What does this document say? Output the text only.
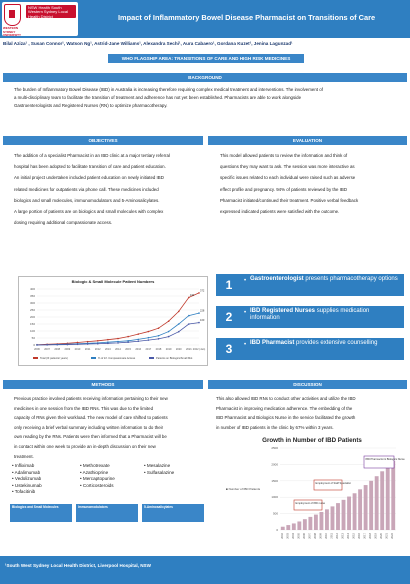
WESTERN SYDNEY UNIVERSITY
NSW Health South Western Sydney Local Health District	Impact of Inflammatory Bowel Disease Pharmacist on Transitions of Care
Bilal Aziza¹ , Susan Connor¹, Watson Ng¹, Astrid-Jane Williams¹, Alexandra Sechi¹, Aura Cabaero¹, Gordana Kuzet¹, Jenina Lagunzad¹
WHO FLAGSHIP AREA: TRANSITIONS OF CARE AND HIGH RISK MEDICINES
BACKGROUND
The burden of Inflammatory Bowel Disease (IBD) in Australia is increasing therefore requiring complex medical treatment and interventions. The involvement of
a multi-disciplinary team to facilitate the transition of treatment and adherence has not yet been established. Pharmacists are able to work alongside
Gastroenterologists and Registered Nurses (RN) to optimize pharmacotherapy.
OBJECTIVES	EVALUATION
The addition of a specialist Pharmacist in an IBD clinic at a major tertiary referral
hospital has been adopted to facilitate transition of care and patient education.
An initial project undertaken included patient education on newly initiated IBD
related medicines for outpatients via phone call. These medicines included
biologics and small molecules, immunomodulators and 5-Aminosalicylates.
A large portion of patients are on biologics and small molecules with complex
dosing requiring additional compassionate access.
This model allowed patients to review the information and think of
questions they may want to ask. The session was more interactive as
specific issues related to each individual were raised such as adverse
effect profile and pregnancy. 94% of patients reviewed by the IBD
Pharmacist initiated/continued their treatment. Positive verbal feedback
expressed indicated patients were satisfied with the outcome.
Biologic & Small Molecule Patient Numbers
0
50
100
150
200
250
300
350
400
2006 2007 2008 2009 2010 2011 2012 2013 2014 2015 2016 2017 2018 2019 2020 2021 2022 (Jan)
Total (IF patients/ years)	% of Inf. Compassionate Access	Patients on Biologics/Small Mol.
340
372
228
160
1	• Gastroenterologist presents pharmacotherapy options
2	• IBD Registered Nurses supplies medication information
3	• IBD Pharmacist provides extensive counselling
METHODS	DISCUSSION
Previous practice involved patients receiving information pertaining to their new
medicines in one session from the IBD RNs. This was due to the limited
capacity of RNs given their workload. The new model of care shifted to patients
only receiving a brief verbal summary including written information to do their
own reading by the RNs. Patients were then informed that a Pharmacist will be
in contact within one week to provide an in-depth discussion on their new
treatment.
This also allowed IBD RNs to conduct other activities and utilize the IBD
Pharmacist in improving medication adherence. The embedding of the
IBD Pharmacist and Biologics Nurse in the service facilitated the growth
in number of IBD patients in the clinic by 67% within 3 years.
• Infliximab
• Adalimumab
• Vedolizumab
• Ustekinumab
• Tofacitinib
• Methotrexate
• Azathioprine
• Mercaptopurine
• Corticosteroids
• Mesalazine
• Sulfasalazine
Biologics and Small Molecules	Immunomodulators	5-Aminosalicylates
Growth in Number of IBD Patients
■ Number of IBD Patients
0
500
1000
1500
2000
2500
2002 2003 2004 2005 2006 2007 2008 2009 2010 2011 2012 2013 2014 2015 2016 2017 2018 2019 2020 2021 2022
Employment of IBD nurse
Employment of Staff Specialist
IBD Pharmacist & Biologics Nurse
¹South West Sydney Local Health District, Liverpool Hospital, NSW
